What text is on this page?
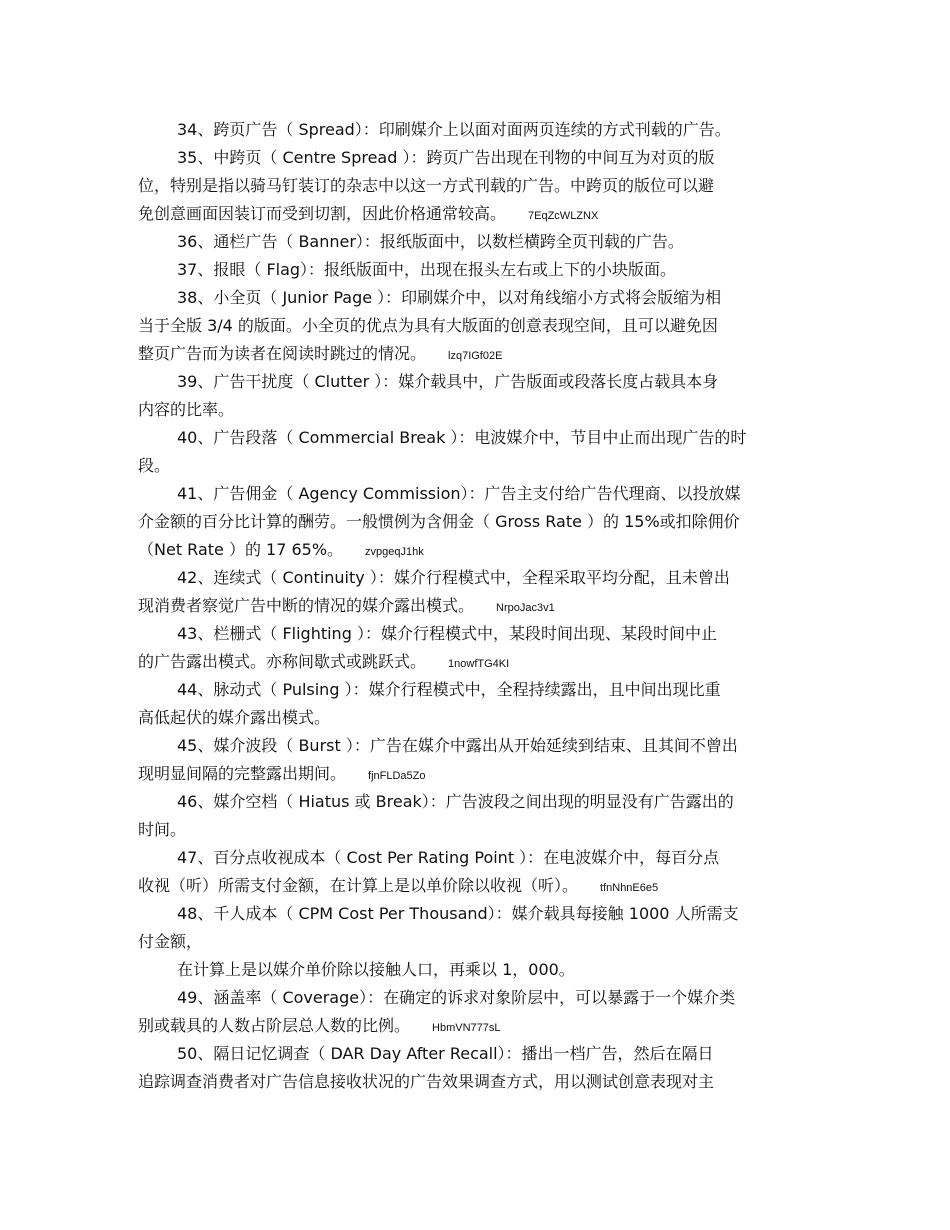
34、跨页广告（ Spread）：印刷媒介上以面对面两页连续的方式刊载的广告。
35、中跨页（ Centre Spread ）：跨页广告出现在刊物的中间互为对页的版
位，特别是指以骑马钉装订的杂志中以这一方式刊载的广告。中跨页的版位可以避
免创意画面因装订而受到切割，因此价格通常较高。 7EqZcWLZNX
36、通栏广告（ Banner）：报纸版面中，以数栏横跨全页刊载的广告。
37、报眼（ Flag）：报纸版面中，出现在报头左右或上下的小块版面。
38、小全页（ Junior Page ）：印刷媒介中，以对角线缩小方式将会版缩为相
当于全版 3/4 的版面。小全页的优点为具有大版面的创意表现空间，且可以避免因
整页广告而为读者在阅读时跳过的情况。 lzq7IGf02E
39、广告干扰度（ Clutter ）：媒介载具中，广告版面或段落长度占载具本身
内容的比率。
40、广告段落（ Commercial Break ）：电波媒介中，节目中止而出现广告的时
段。
41、广告佣金（ Agency Commission）：广告主支付给广告代理商、以投放媒
介金额的百分比计算的酬劳。一般惯例为含佣金（ Gross Rate ）的 15%或扣除佣价
（Net Rate ）的 17 65%。 zvpgeqJ1hk
42、连续式（ Continuity ）：媒介行程模式中，全程采取平均分配，且未曾出
现消费者察觉广告中断的情况的媒介露出模式。 NrpoJac3v1
43、栏栅式（ Flighting ）：媒介行程模式中，某段时间出现、某段时间中止
的广告露出模式。亦称间歇式或跳跃式。 1nowfTG4KI
44、脉动式（ Pulsing ）：媒介行程模式中，全程持续露出，且中间出现比重
高低起伏的媒介露出模式。
45、媒介波段（ Burst ）：广告在媒介中露出从开始延续到结束、且其间不曾出
现明显间隔的完整露出期间。 fjnFLDa5Zo
46、媒介空档（ Hiatus 或 Break）：广告波段之间出现的明显没有广告露出的
时间。
47、百分点收视成本（ Cost Per Rating Point ）：在电波媒介中，每百分点
收视（听）所需支付金额，在计算上是以单价除以收视（听）。 tfnNhnE6e5
48、千人成本（ CPM Cost Per Thousand）：媒介载具每接触 1000 人所需支
付金额，
在计算上是以媒介单价除以接触人口，再乘以 1，000。
49、涵盖率（ Coverage）：在确定的诉求对象阶层中，可以暴露于一个媒介类
别或载具的人数占阶层总人数的比例。 HbmVN777sL
50、隔日记忆调查（ DAR Day After Recall）：播出一档广告，然后在隔日
追踪调查消费者对广告信息接收状况的广告效果调查方式，用以测试创意表现对主
